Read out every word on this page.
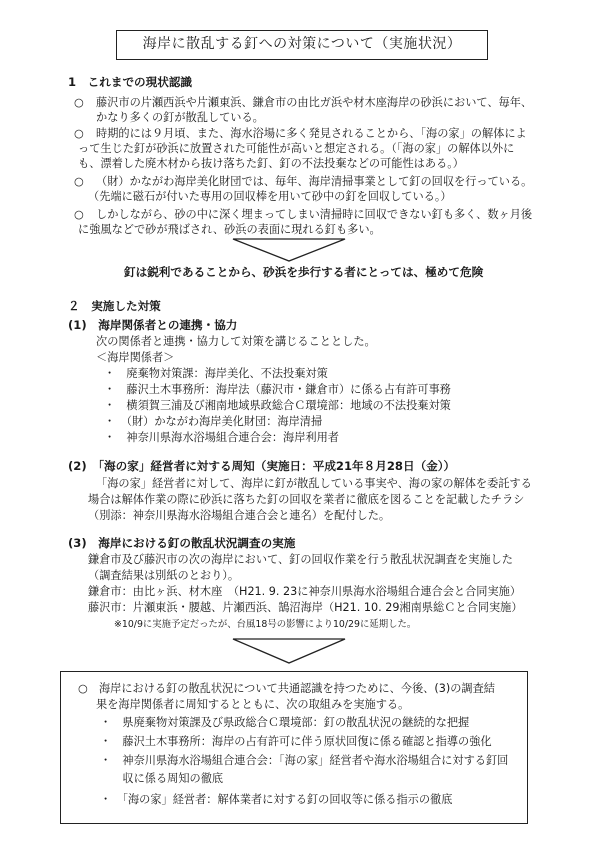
海岸に散乱する釘への対策について（実施状況）
1　これまでの現状認識
○ 藤沢市の片瀬西浜や片瀬東浜、鎌倉市の由比ガ浜や材木座海岸の砂浜において、毎年、
かなり多くの釘が散乱している。
○ 時期的には９月頃、また、海水浴場に多く発見されることから、「海の家」の解体によ
って生じた釘が砂浜に放置された可能性が高いと想定される。（「海の家」の解体以外に
も、漂着した廃木材から抜け落ちた釘、釘の不法投棄などの可能性はある。）
○ （財）かながわ海岸美化財団では、毎年、海岸清掃事業として釘の回収を行っている。
（先端に磁石が付いた専用の回収棒を用いて砂中の釘を回収している。）
○ しかしながら、砂の中に深く埋まってしまい清掃時に回収できない釘も多く、数ヶ月後
に強風などで砂が飛ばされ、砂浜の表面に現れる釘も多い。
釘は鋭利であることから、砂浜を歩行する者にとっては、極めて危険
２　実施した対策
(1)　海岸関係者との連携・協力
次の関係者と連携・協力して対策を講じることとした。
＜海岸関係者＞
・　廃棄物対策課：海岸美化、不法投棄対策
・　藤沢土木事務所：海岸法（藤沢市・鎌倉市）に係る占有許可事務
・　横須賀三浦及び湘南地域県政総合Ｃ環境部：地域の不法投棄対策
・　（財）かながわ海岸美化財団：海岸清掃
・　神奈川県海水浴場組合連合会：海岸利用者
(2)　「海の家」経営者に対する周知（実施日：平成21年８月28日（金））
「海の家」経営者に対して、海岸に釘が散乱している事実や、海の家の解体を委託する
場合は解体作業の際に砂浜に落ちた釘の回収を業者に徹底を図ることを記載したチラシ
（別添：神奈川県海水浴場組合連合会と連名）を配付した。
(3)　海岸における釘の散乱状況調査の実施
鎌倉市及び藤沢市の次の海岸において、釘の回収作業を行う散乱状況調査を実施した
（調査結果は別紙のとおり）。
鎌倉市：由比ヶ浜、材木座　（H21. 9. 23に神奈川県海水浴場組合連合会と合同実施）
藤沢市：片瀬東浜・腰越、片瀬西浜、鵠沼海岸（H21. 10. 29湘南県総Ｃと合同実施）
※10/9に実施予定だったが、台風18号の影響により10/29に延期した。
○　海岸における釘の散乱状況について共通認識を持つために、今後、(3)の調査結
果を海岸関係者に周知するとともに、次の取組みを実施する。
・　県廃棄物対策課及び県政総合Ｃ環境部：釘の散乱状況の継続的な把握
・　藤沢土木事務所：海岸の占有許可に伴う原状回復に係る確認と指導の強化
・　神奈川県海水浴場組合連合会：「海の家」経営者や海水浴場組合に対する釘回
　　収に係る周知の徹底
・　「海の家」経営者：解体業者に対する釘の回収等に係る指示の徹底
